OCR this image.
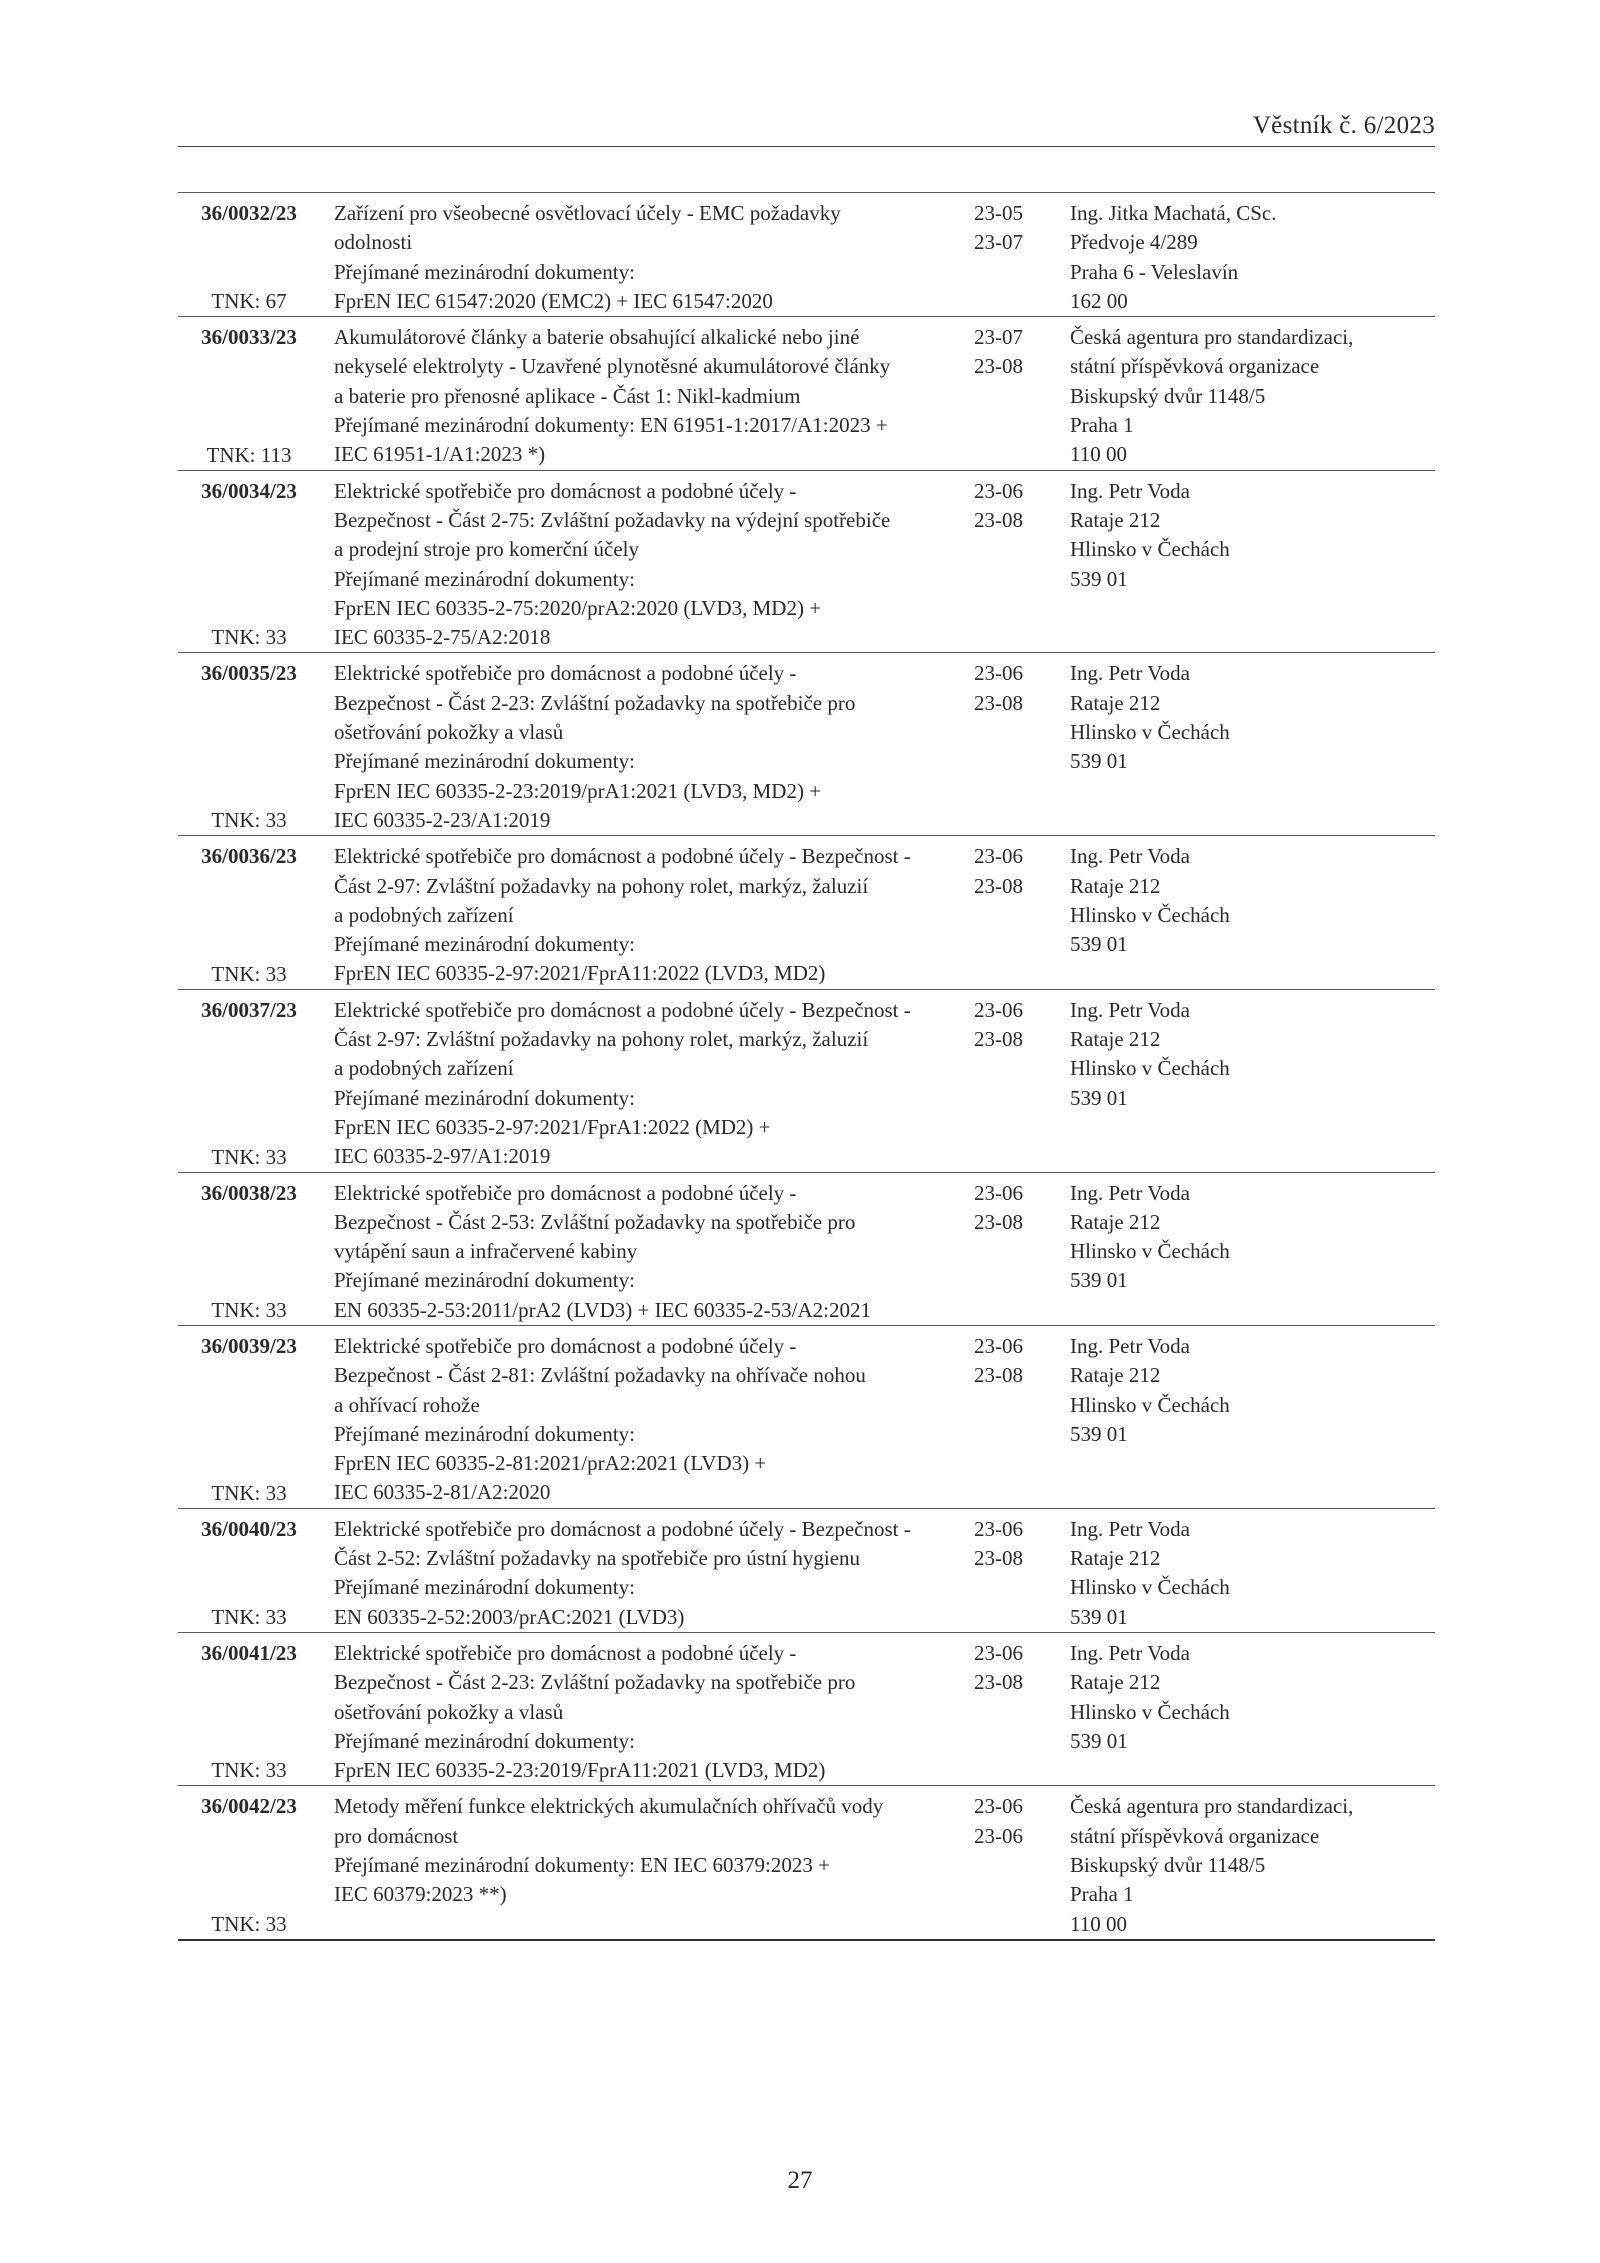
Věstník č. 6/2023
36/0032/23
TNK: 67
Zařízení pro všeobecné osvětlovací účely - EMC požadavky
odolnosti
Přejímané mezinárodní dokumenty:
FprEN IEC 61547:2020 (EMC2) + IEC 61547:2020
23-05
23-07
Ing. Jitka Machatá, CSc.
Předvoje 4/289
Praha 6 - Veleslavín
162 00
36/0033/23
TNK: 113
Akumulátorové články a baterie obsahující alkalické nebo jiné
nekyselé elektrolyty - Uzavřené plynotěsné akumulátorové články
a baterie pro přenosné aplikace - Část 1: Nikl-kadmium
Přejímané mezinárodní dokumenty: EN 61951-1:2017/A1:2023 +
IEC 61951-1/A1:2023 *)
23-07
23-08
Česká agentura pro standardizaci,
státní příspěvková organizace
Biskupský dvůr 1148/5
Praha 1
110 00
36/0034/23
TNK: 33
Elektrické spotřebiče pro domácnost a podobné účely -
Bezpečnost - Část 2-75: Zvláštní požadavky na výdejní spotřebiče
a prodejní stroje pro komerční účely
Přejímané mezinárodní dokumenty:
FprEN IEC 60335-2-75:2020/prA2:2020 (LVD3, MD2) +
IEC 60335-2-75/A2:2018
23-06
23-08
Ing. Petr Voda
Rataje 212
Hlinsko v Čechách
539 01
36/0035/23
TNK: 33
Elektrické spotřebiče pro domácnost a podobné účely -
Bezpečnost - Část 2-23: Zvláštní požadavky na spotřebiče pro
ošetřování pokožky a vlasů
Přejímané mezinárodní dokumenty:
FprEN IEC 60335-2-23:2019/prA1:2021 (LVD3, MD2) +
IEC 60335-2-23/A1:2019
23-06
23-08
Ing. Petr Voda
Rataje 212
Hlinsko v Čechách
539 01
36/0036/23
TNK: 33
Elektrické spotřebiče pro domácnost a podobné účely - Bezpečnost -
Část 2-97: Zvláštní požadavky na pohony rolet, markýz, žaluzií
a podobných zařízení
Přejímané mezinárodní dokumenty:
FprEN IEC 60335-2-97:2021/FprA11:2022 (LVD3, MD2)
23-06
23-08
Ing. Petr Voda
Rataje 212
Hlinsko v Čechách
539 01
36/0037/23
TNK: 33
Elektrické spotřebiče pro domácnost a podobné účely - Bezpečnost -
Část 2-97: Zvláštní požadavky na pohony rolet, markýz, žaluzií
a podobných zařízení
Přejímané mezinárodní dokumenty:
FprEN IEC 60335-2-97:2021/FprA1:2022 (MD2) +
IEC 60335-2-97/A1:2019
23-06
23-08
Ing. Petr Voda
Rataje 212
Hlinsko v Čechách
539 01
36/0038/23
TNK: 33
Elektrické spotřebiče pro domácnost a podobné účely -
Bezpečnost - Část 2-53: Zvláštní požadavky na spotřebiče pro
vytápění saun a infračervené kabiny
Přejímané mezinárodní dokumenty:
EN 60335-2-53:2011/prA2 (LVD3) + IEC 60335-2-53/A2:2021
23-06
23-08
Ing. Petr Voda
Rataje 212
Hlinsko v Čechách
539 01
36/0039/23
TNK: 33
Elektrické spotřebiče pro domácnost a podobné účely -
Bezpečnost - Část 2-81: Zvláštní požadavky na ohřívače nohou
a ohřívací rohože
Přejímané mezinárodní dokumenty:
FprEN IEC 60335-2-81:2021/prA2:2021 (LVD3) +
IEC 60335-2-81/A2:2020
23-06
23-08
Ing. Petr Voda
Rataje 212
Hlinsko v Čechách
539 01
36/0040/23
TNK: 33
Elektrické spotřebiče pro domácnost a podobné účely - Bezpečnost -
Část 2-52: Zvláštní požadavky na spotřebiče pro ústní hygienu
Přejímané mezinárodní dokumenty:
EN 60335-2-52:2003/prAC:2021 (LVD3)
23-06
23-08
Ing. Petr Voda
Rataje 212
Hlinsko v Čechách
539 01
36/0041/23
TNK: 33
Elektrické spotřebiče pro domácnost a podobné účely -
Bezpečnost - Část 2-23: Zvláštní požadavky na spotřebiče pro
ošetřování pokožky a vlasů
Přejímané mezinárodní dokumenty:
FprEN IEC 60335-2-23:2019/FprA11:2021 (LVD3, MD2)
23-06
23-08
Ing. Petr Voda
Rataje 212
Hlinsko v Čechách
539 01
36/0042/23
TNK: 33
Metody měření funkce elektrických akumulačních ohřívačů vody
pro domácnost
Přejímané mezinárodní dokumenty: EN IEC 60379:2023 +
IEC 60379:2023 **)
23-06
23-06
Česká agentura pro standardizaci,
státní příspěvková organizace
Biskupský dvůr 1148/5
Praha 1
110 00
27
